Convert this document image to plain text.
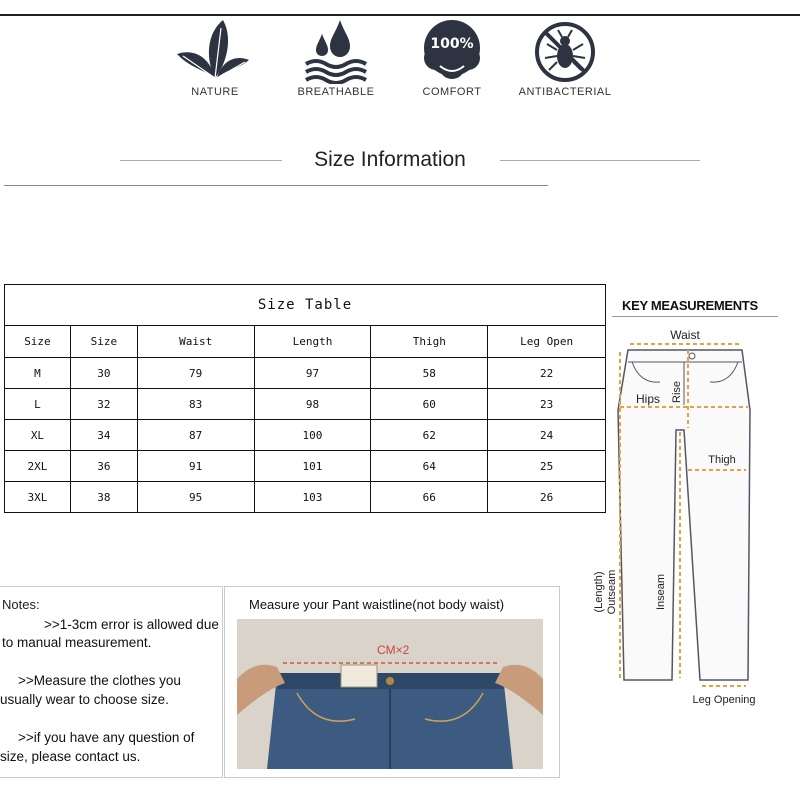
NATURE	BREATHABLE
100%
COMFORT	ANTIBACTERIAL
Size Information
Size Table					
Size	Size	Waist	Length	Thigh	Leg Open
M	30	79	97	58	22
L	32	83	98	60	23
XL	34	87	100	62	24
2XL	36	91	101	64	25
3XL	38	95	103	66	26
KEY MEASUREMENTS
Waist
Rise
Hips
Thigh
(Length) Outseam	Inseam
Leg Opening
Notes:
>>1-3cm error is allowed due
to manual measurement.
>>Measure the clothes you
usually wear to choose size.
>>if you have any question of
size, please contact us.
Measure your Pant waistline(not body waist)
CM×2
